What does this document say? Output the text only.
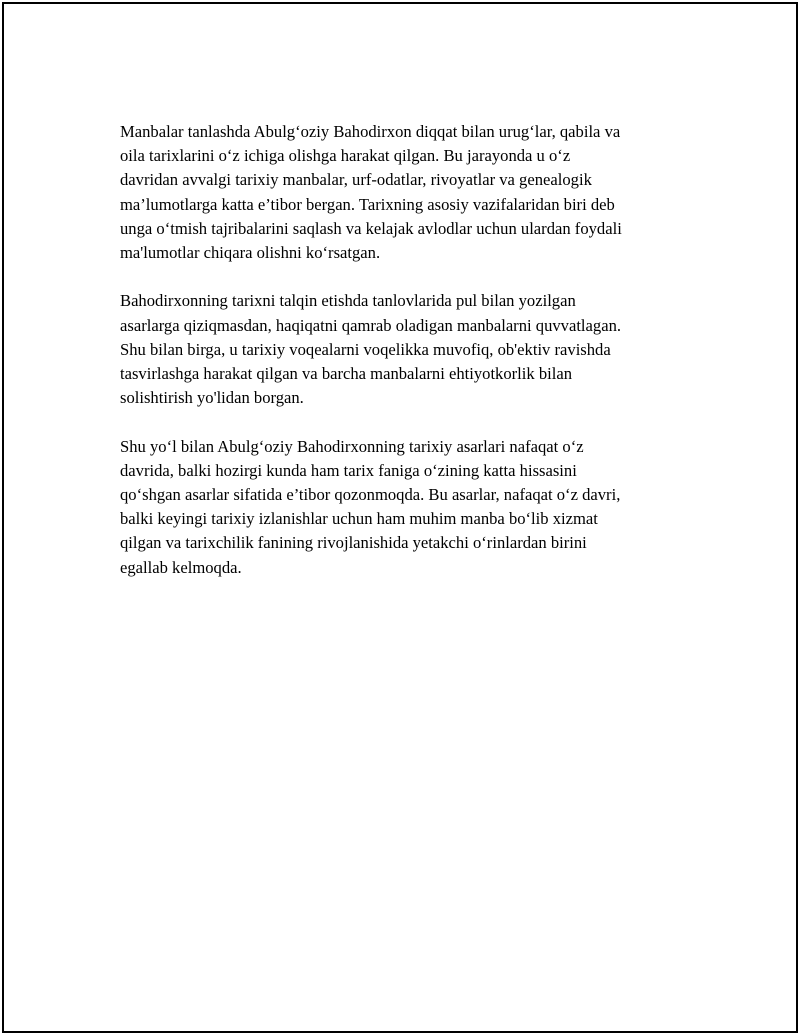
Manbalar tanlashda Abulg‘oziy Bahodirxon diqqat bilan urug‘lar, qabila va
oila tarixlarini o‘z ichiga olishga harakat qilgan. Bu jarayonda u o‘z
davridan avvalgi tarixiy manbalar, urf-odatlar, rivoyatlar va genealogik
ma’lumotlarga katta e’tibor bergan. Tarixning asosiy vazifalaridan biri deb
unga o‘tmish tajribalarini saqlash va kelajak avlodlar uchun ulardan foydali
ma'lumotlar chiqara olishni ko‘rsatgan.

Bahodirxonning tarixni talqin etishda tanlovlarida pul bilan yozilgan
asarlarga qiziqmasdan, haqiqatni qamrab oladigan manbalarni quvvatlagan.
Shu bilan birga, u tarixiy voqealarni voqelikka muvofiq, ob'ektiv ravishda
tasvirlashga harakat qilgan va barcha manbalarni ehtiyotkorlik bilan
solishtirish yo'lidan borgan.

Shu yo‘l bilan Abulg‘oziy Bahodirxonning tarixiy asarlari nafaqat o‘z
davrida, balki hozirgi kunda ham tarix faniga o‘zining katta hissasini
qo‘shgan asarlar sifatida e’tibor qozonmoqda. Bu asarlar, nafaqat o‘z davri,
balki keyingi tarixiy izlanishlar uchun ham muhim manba bo‘lib xizmat
qilgan va tarixchilik fanining rivojlanishida yetakchi o‘rinlardan birini
egallab kelmoqda.
